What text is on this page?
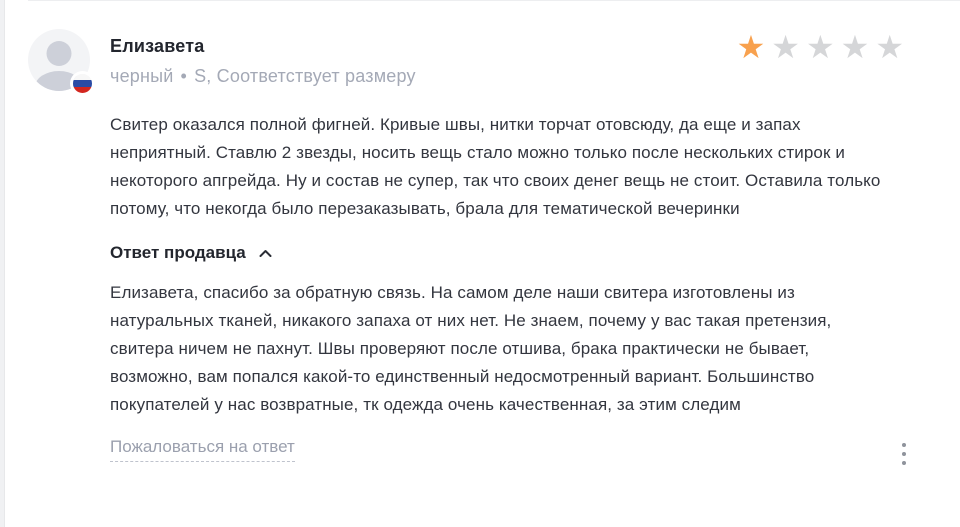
Елизавета
черный • S, Соответствует размеру
★ ★ ★ ★ ★
Свитер оказался полной фигней. Кривые швы, нитки торчат отовсюду, да еще и запах неприятный. Ставлю 2 звезды, носить вещь стало можно только после нескольких стирок и некоторого апгрейда. Ну и состав не супер, так что своих денег вещь не стоит. Оставила только потому, что некогда было перезаказывать, брала для тематической вечеринки
Ответ продавца
Елизавета, спасибо за обратную связь. На самом деле наши свитера изготовлены из натуральных тканей, никакого запаха от них нет. Не знаем, почему у вас такая претензия, свитера ничем не пахнут. Швы проверяют после отшива, брака практически не бывает, возможно, вам попался какой-то единственный недосмотренный вариант. Большинство покупателей у нас возвратные, тк одежда очень качественная, за этим следим
Пожаловаться на ответ
